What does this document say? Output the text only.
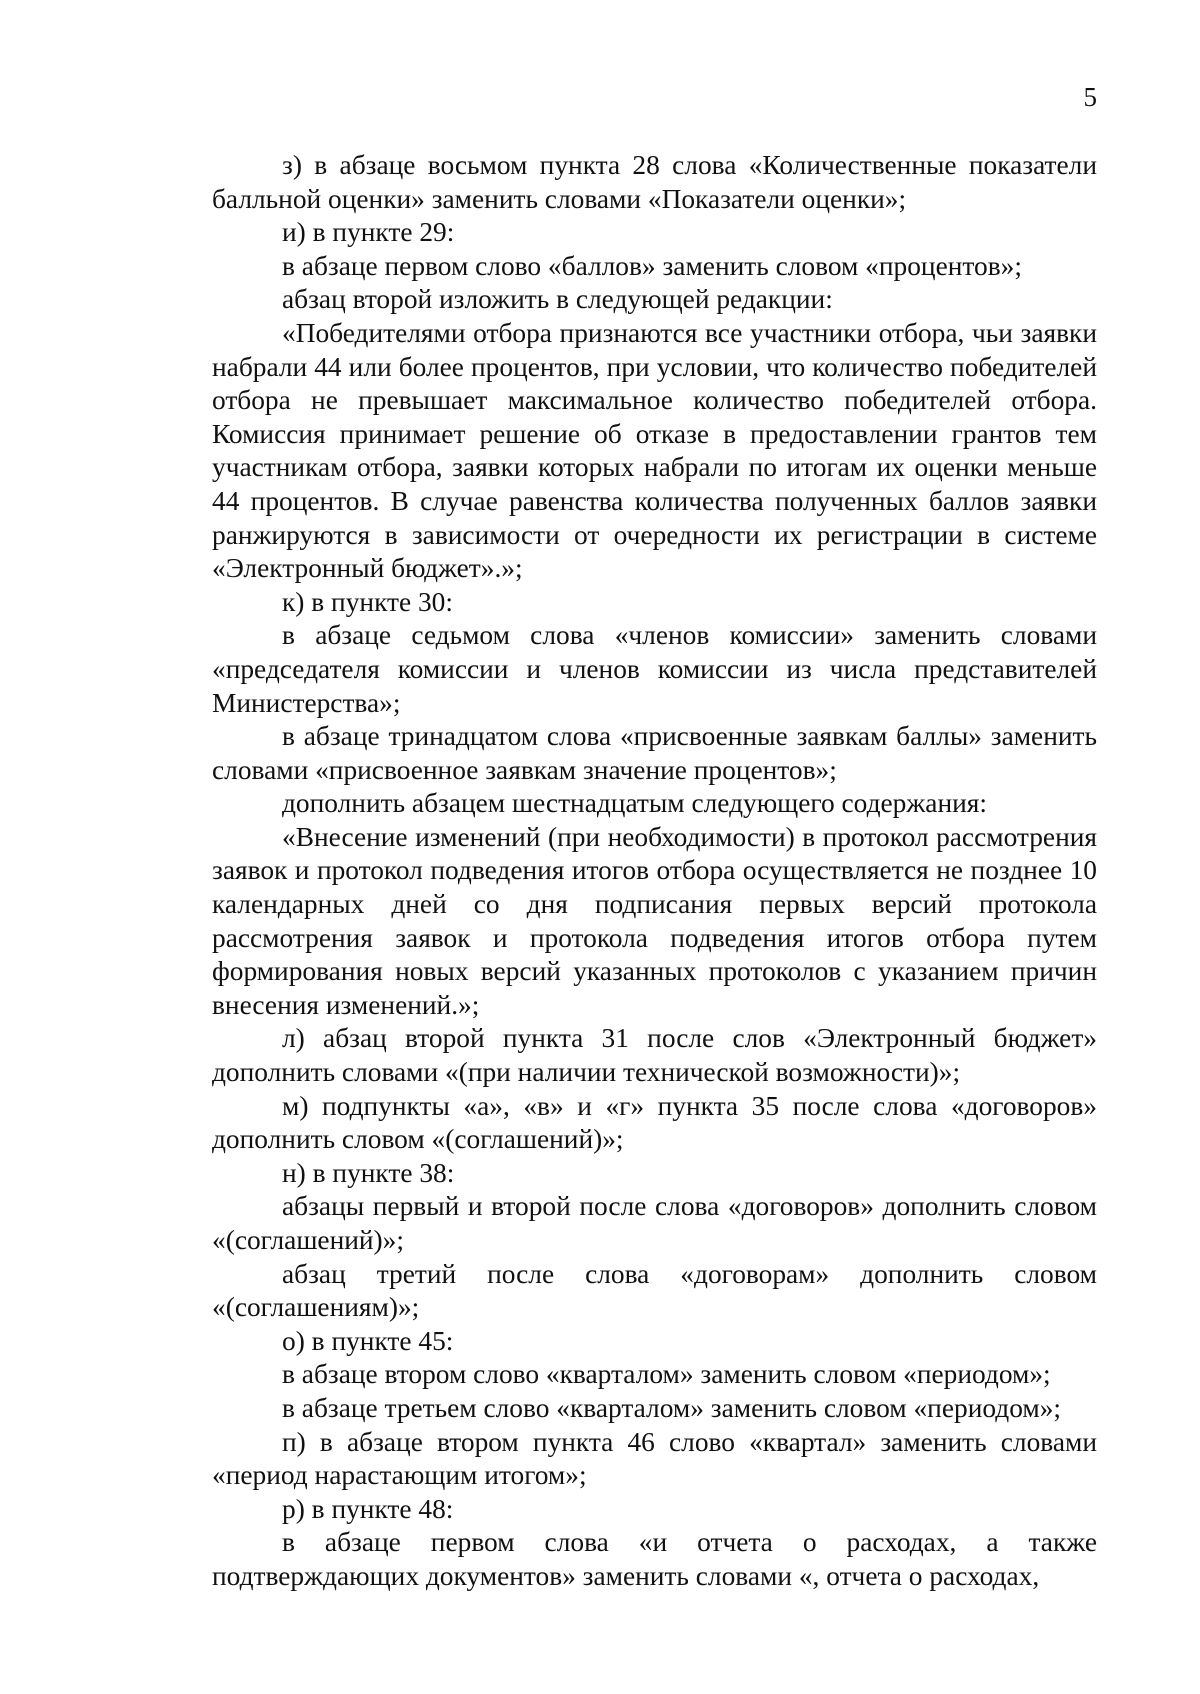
5

з) в абзаце восьмом пункта 28 слова «Количественные показатели балльной оценки» заменить словами «Показатели оценки»;

и) в пункте 29:

в абзаце первом слово «баллов» заменить словом «процентов»;

абзац второй изложить в следующей редакции:

«Победителями отбора признаются все участники отбора, чьи заявки набрали 44 или более процентов, при условии, что количество победителей отбора не превышает максимальное количество победителей отбора. Комиссия принимает решение об отказе в предоставлении грантов тем участникам отбора, заявки которых набрали по итогам их оценки меньше 44 процентов. В случае равенства количества полученных баллов заявки ранжируются в зависимости от очередности их регистрации в системе «Электронный бюджет».»;

к) в пункте 30:

в абзаце седьмом слова «членов комиссии» заменить словами «председателя комиссии и членов комиссии из числа представителей Министерства»;

в абзаце тринадцатом слова «присвоенные заявкам баллы» заменить словами «присвоенное заявкам значение процентов»;

дополнить абзацем шестнадцатым следующего содержания:

«Внесение изменений (при необходимости) в протокол рассмотрения заявок и протокол подведения итогов отбора осуществляется не позднее 10 календарных дней со дня подписания первых версий протокола рассмотрения заявок и протокола подведения итогов отбора путем формирования новых версий указанных протоколов с указанием причин внесения изменений.»;

л) абзац второй пункта 31 после слов «Электронный бюджет» дополнить словами «(при наличии технической возможности)»;

м) подпункты «а», «в» и «г» пункта 35 после слова «договоров» дополнить словом «(соглашений)»;

н) в пункте 38:

абзацы первый и второй после слова «договоров» дополнить словом «(соглашений)»;

абзац третий после слова «договорам» дополнить словом «(соглашениям)»;

о) в пункте 45:

в абзаце втором слово «кварталом» заменить словом «периодом»;

в абзаце третьем слово «кварталом» заменить словом «периодом»;

п) в абзаце втором пункта 46 слово «квартал» заменить словами «период нарастающим итогом»;

р) в пункте 48:

в абзаце первом слова «и отчета о расходах, а также подтверждающих документов» заменить словами «, отчета о расходах,
